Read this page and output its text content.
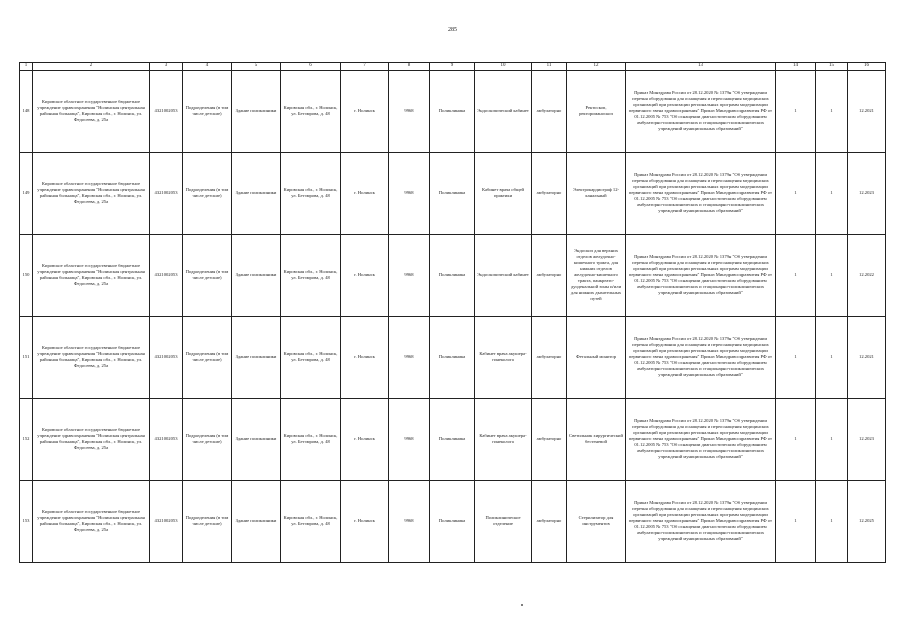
285
1	2	3	4	5	6	7	8	9	10	11	12	13	14	15	16
148	Кировское областное государственное бюджетное учреждение здравоохранения "Нолинская центральная районная больница", Кировская обл., г. Нолинск, ул. Федосеева, д. 25а	4321002053	Подразделения (в том числе детские)	Здание поликлиники	Кировская обл., г. Нолинск, ул. Бетэмрова, д. 48	г. Нолинск	9968	Поликлиника	Эндоскопический кабинет	амбулаторно	Ректоскоп, ректороманоскоп	Приказ Минздрава России от 28.12.2020 № 1379н "Об утверждении перечня оборудования для оснащения и переоснащения медицинских организаций при реализации региональных программ модернизации первичного звена здравоохранения" Приказ Минздравсоцразвития РФ от 01.12.2005 № 753 "Об оснащении диагностическим оборудованием амбулаторно-поликлинических и стационарно-поликлинических учреждений муниципальных образований"	1	1	12.2021
149	Кировское областное государственное бюджетное учреждение здравоохранения "Нолинская центральная районная больница", Кировская обл., г. Нолинск, ул. Федосеева, д. 25а	4321002053	Подразделения (в том числе детские)	Здание поликлиники	Кировская обл., г. Нолинск, ул. Бетэмрова, д. 48	г. Нолинск	9968	Поликлиника	Кабинет врача общей практики	амбулаторно	Электрокардиограф 12-канальный	Приказ Минздрава России от 28.12.2020 № 1379н "Об утверждении перечня оборудования для оснащения и переоснащения медицинских организаций при реализации региональных программ модернизации первичного звена здравоохранения" Приказ Минздравсоцразвития РФ от 01.12.2005 № 753 "Об оснащении диагностическим оборудованием амбулаторно-поликлинических и стационарно-поликлинических учреждений муниципальных образований"	1	1	12.2023
150	Кировское областное государственное бюджетное учреждение здравоохранения "Нолинская центральная районная больница", Кировская обл., г. Нолинск, ул. Федосеева, д. 25а	4321002053	Подразделения (в том числе детские)	Здание поликлиники	Кировская обл., г. Нолинск, ул. Бетэмрова, д. 48	г. Нолинск	9968	Поликлиника	Эндоскопический кабинет	амбулаторно	Эндоскоп для верхних отделов желудочно-кишечного тракта, для нижних отделов желудочно-кишечного тракта, панкреато-дуоденальной зоны и/или для нижних дыхательных путей	Приказ Минздрава России от 28.12.2020 № 1379н "Об утверждении перечня оборудования для оснащения и переоснащения медицинских организаций при реализации региональных программ модернизации первичного звена здравоохранения" Приказ Минздравсоцразвития РФ от 01.12.2005 № 753 "Об оснащении диагностическим оборудованием амбулаторно-поликлинических и стационарно-поликлинических учреждений муниципальных образований"	1	1	12.2022
151	Кировское областное государственное бюджетное учреждение здравоохранения "Нолинская центральная районная больница", Кировская обл., г. Нолинск, ул. Федосеева, д. 25а	4321002053	Подразделения (в том числе детские)	Здание поликлиники	Кировская обл., г. Нолинск, ул. Бетэмрова, д. 48	г. Нолинск	9968	Поликлиника	Кабинет врача акушера-гинеколога	амбулаторно	Фетальный монитор	Приказ Минздрава России от 28.12.2020 № 1379н "Об утверждении перечня оборудования для оснащения и переоснащения медицинских организаций при реализации региональных программ модернизации первичного звена здравоохранения" Приказ Минздравсоцразвития РФ от 01.12.2005 № 753 "Об оснащении диагностическим оборудованием амбулаторно-поликлинических и стационарно-поликлинических учреждений муниципальных образований"	1	1	12.2021
152	Кировское областное государственное бюджетное учреждение здравоохранения "Нолинская центральная районная больница", Кировская обл., г. Нолинск, ул. Федосеева, д. 25а	4321002053	Подразделения (в том числе детские)	Здание поликлиники	Кировская обл., г. Нолинск, ул. Бетэмрова, д. 48	г. Нолинск	9968	Поликлиника	Кабинет врача акушера-гинеколога	амбулаторно	Светильник хирургический бестеневой	Приказ Минздрава России от 28.12.2020 № 1379н "Об утверждении перечня оборудования для оснащения и переоснащения медицинских организаций при реализации региональных программ модернизации первичного звена здравоохранения" Приказ Минздравсоцразвития РФ от 01.12.2005 № 753 "Об оснащении диагностическим оборудованием амбулаторно-поликлинических и стационарно-поликлинических учреждений муниципальных образований"	1	1	12.2023
153	Кировское областное государственное бюджетное учреждение здравоохранения "Нолинская центральная районная больница", Кировская обл., г. Нолинск, ул. Федосеева, д. 25а	4321002053	Подразделения (в том числе детские)	Здание поликлиники	Кировская обл., г. Нолинск, ул. Бетэмрова, д. 48	г. Нолинск	9968	Поликлиника	Поликлиническое отделение	амбулаторно	Стерилизатор для инструментов	Приказ Минздрава России от 28.12.2020 № 1379н "Об утверждении перечня оборудования для оснащения и переоснащения медицинских организаций при реализации региональных программ модернизации первичного звена здравоохранения" Приказ Минздравсоцразвития РФ от 01.12.2005 № 753 "Об оснащении диагностическим оборудованием амбулаторно-поликлинических и стационарно-поликлинических учреждений муниципальных образований"	1	1	12.2025
